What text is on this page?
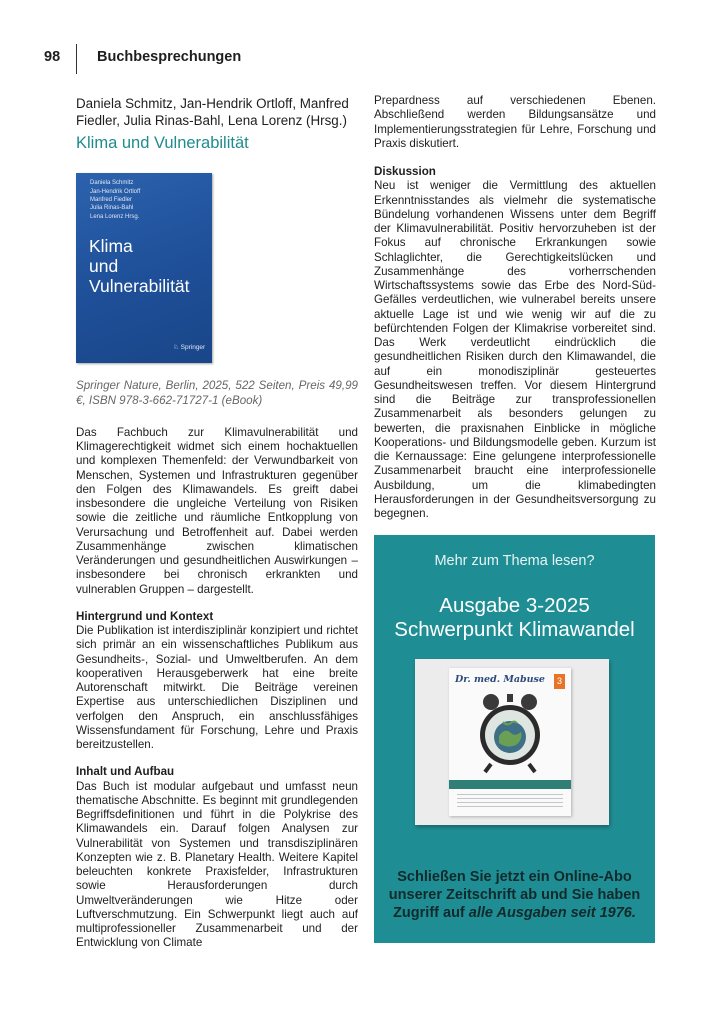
98	Buchbesprechungen

Daniela Schmitz, Jan-Hendrik Ortloff, Manfred Fiedler, Julia Rinas-Bahl, Lena Lorenz (Hrsg.)

Klima und Vulnerabilität
Daniela Schmitz
Jan-Hendrik Ortloff
Manfred Fiedler
Julia Rinas-Bahl
Lena Lorenz Hrsg.
Klima
und Vulnerabilität
♘ Springer

Springer Nature, Berlin, 2025, 522 Seiten, Preis 49,99 €, ISBN 978-3-662-71727-1 (eBook)

Das Fachbuch zur Klimavulnerabilität und Klimagerechtigkeit widmet sich einem hochaktuellen und komplexen Themenfeld: der Verwundbarkeit von Menschen, Systemen und Infrastrukturen gegenüber den Folgen des Klimawandels. Es greift dabei insbesondere die ungleiche Verteilung von Risiken sowie die zeitliche und räumliche Entkopplung von Verursachung und Betroffenheit auf. Dabei werden Zusammenhänge zwischen klimatischen Veränderungen und gesundheitlichen Auswirkungen – insbesondere bei chronisch erkrankten und vulnerablen Gruppen – dargestellt.

Hintergrund und Kontext

Die Publikation ist interdisziplinär konzipiert und richtet sich primär an ein wissenschaftliches Publikum aus Gesundheits-, Sozial- und Umweltberufen. An dem kooperativen Herausgeberwerk hat eine breite Autorenschaft mitwirkt. Die Beiträge vereinen Expertise aus unterschiedlichen Disziplinen und verfolgen den Anspruch, ein anschlussfähiges Wissensfundament für Forschung, Lehre und Praxis bereitzustellen.

Inhalt und Aufbau

Das Buch ist modular aufgebaut und umfasst neun thematische Abschnitte. Es beginnt mit grundlegenden Begriffsdefinitionen und führt in die Polykrise des Klimawandels ein. Darauf folgen Analysen zur Vulnerabilität von Systemen und transdisziplinären Konzepten wie z. B. Planetary Health. Weitere Kapitel beleuchten konkrete Praxisfelder, Infrastrukturen sowie Herausforderungen durch Umweltveränderungen wie Hitze oder Luftverschmutzung. Ein Schwerpunkt liegt auch auf multiprofessioneller Zusammenarbeit und der Entwicklung von Climate

Prepardness auf verschiedenen Ebenen. Abschließend werden Bildungsansätze und Implementierungsstrategien für Lehre, Forschung und Praxis diskutiert.

Diskussion

Neu ist weniger die Vermittlung des aktuellen Erkenntnisstandes als vielmehr die systematische Bündelung vorhandenen Wissens unter dem Begriff der Klimavulnerabilität. Positiv hervorzuheben ist der Fokus auf chronische Erkrankungen sowie Schlaglichter, die Gerechtigkeitslücken und Zusammenhänge des vorherrschenden Wirtschaftssystems sowie das Erbe des Nord-Süd-Gefälles verdeutlichen, wie vulnerabel bereits unsere aktuelle Lage ist und wie wenig wir auf die zu befürchtenden Folgen der Klimakrise vorbereitet sind. Das Werk verdeutlicht eindrücklich die gesundheitlichen Risiken durch den Klimawandel, die auf ein monodisziplinär gesteuertes Gesundheitswesen treffen. Vor diesem Hintergrund sind die Beiträge zur transprofessionellen Zusammenarbeit als besonders gelungen zu bewerten, die praxisnahen Einblicke in mögliche Kooperations- und Bildungsmodelle geben. Kurzum ist die Kernaussage: Eine gelungene interprofessionelle Zusammenarbeit braucht eine interprofessionelle Ausbildung, um die klimabedingten Herausforderungen in der Gesundheitsversorgung zu begegnen.

Mehr zum Thema lesen?
Ausgabe 3-2025
Schwerpunkt Klimawandel
Dr. med. Mabuse	3
Schließen Sie jetzt ein Online-Abo unserer Zeitschrift ab und Sie haben Zugriff auf alle Ausgaben seit 1976.
